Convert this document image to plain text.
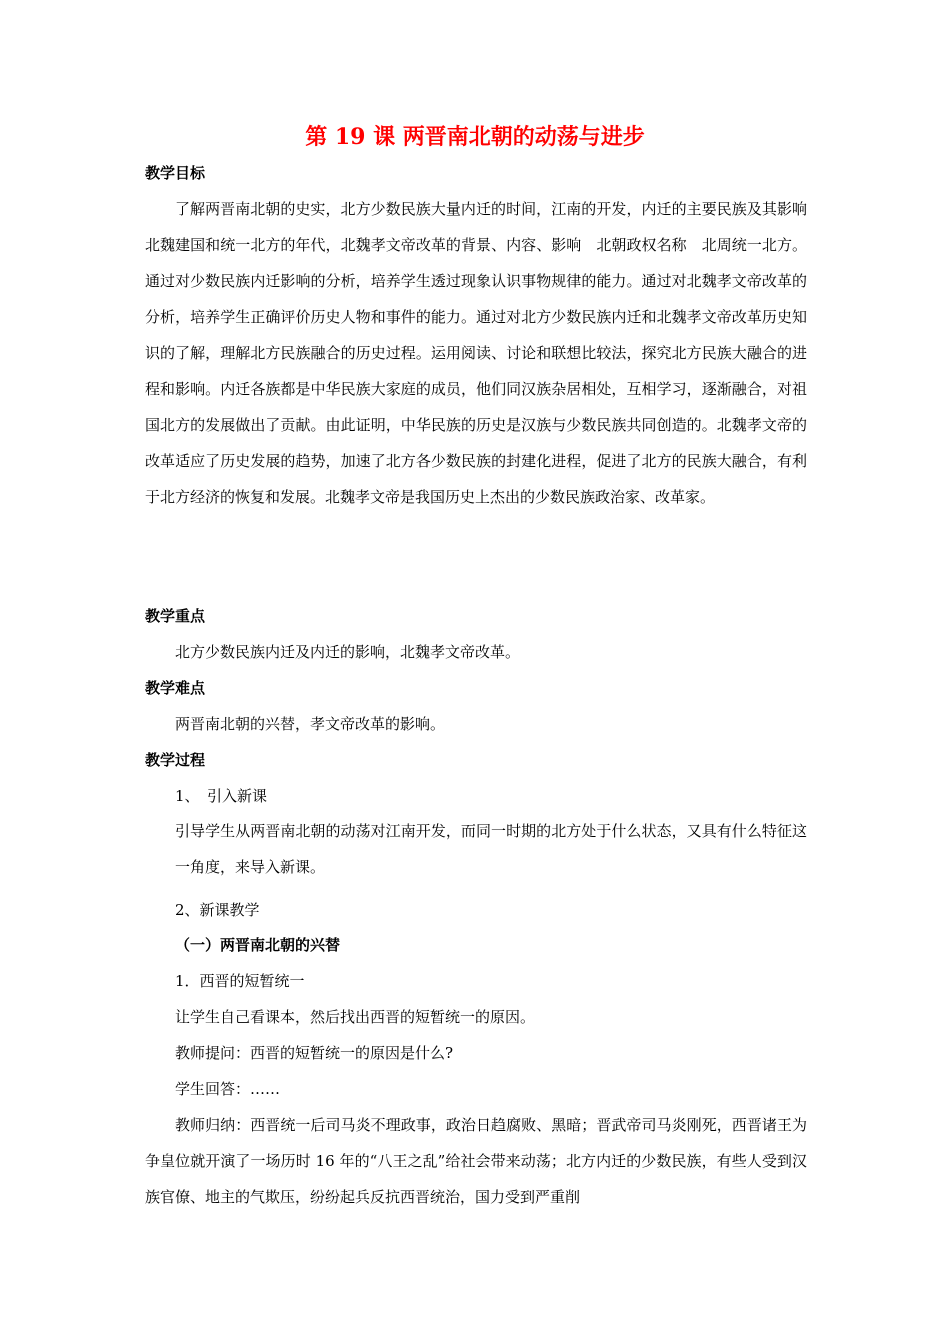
第 19 课 两晋南北朝的动荡与进步
教学目标
了解两晋南北朝的史实，北方少数民族大量内迁的时间，江南的开发，内迁的主要民族及其影响北魏建国和统一北方的年代，北魏孝文帝改革的背景、内容、影响　北朝政权名称　北周统一北方。通过对少数民族内迁影响的分析，培养学生透过现象认识事物规律的能力。通过对北魏孝文帝改革的分析，培养学生正确评价历史人物和事件的能力。通过对北方少数民族内迁和北魏孝文帝改革历史知识的了解，理解北方民族融合的历史过程。运用阅读、讨论和联想比较法，探究北方民族大融合的进程和影响。内迁各族都是中华民族大家庭的成员，他们同汉族杂居相处，互相学习，逐渐融合，对祖国北方的发展做出了贡献。由此证明，中华民族的历史是汉族与少数民族共同创造的。北魏孝文帝的改革适应了历史发展的趋势，加速了北方各少数民族的封建化进程，促进了北方的民族大融合，有利于北方经济的恢复和发展。北魏孝文帝是我国历史上杰出的少数民族政治家、改革家。
教学重点
北方少数民族内迁及内迁的影响，北魏孝文帝改革。
教学难点
两晋南北朝的兴替，孝文帝改革的影响。
教学过程
1、　引入新课
引导学生从两晋南北朝的动荡对江南开发，而同一时期的北方处于什么状态，又具有什么特征这一角度，来导入新课。
2、新课教学
（一）两晋南北朝的兴替
1．西晋的短暂统一
让学生自己看课本，然后找出西晋的短暂统一的原因。
教师提问：西晋的短暂统一的原因是什么?
学生回答：……
教师归纳：西晋统一后司马炎不理政事，政治日趋腐败、黑暗；晋武帝司马炎刚死，西晋诸王为争皇位就开演了一场历时 16 年的“八王之乱”给社会带来动荡；北方内迁的少数民族，有些人受到汉族官僚、地主的气欺压，纷纷起兵反抗西晋统治，国力受到严重削
